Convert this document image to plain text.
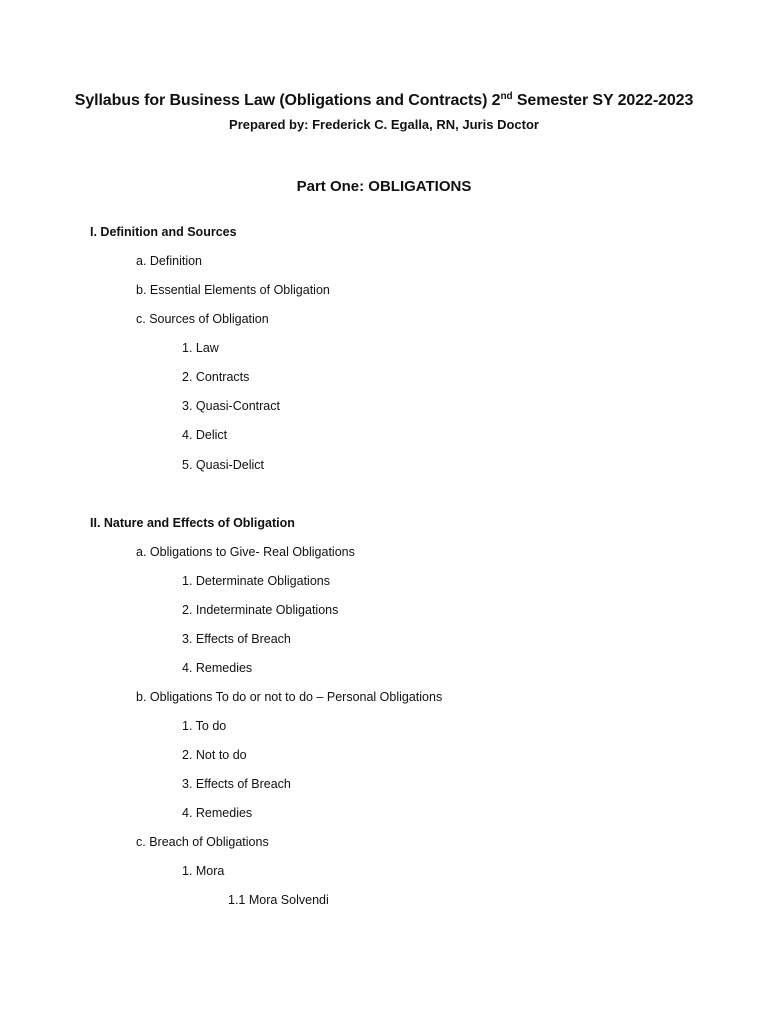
Syllabus for Business Law (Obligations and Contracts) 2nd Semester SY 2022-2023
Prepared by: Frederick C. Egalla, RN, Juris Doctor
Part One: OBLIGATIONS
I. Definition and Sources
a. Definition
b. Essential Elements of Obligation
c. Sources of Obligation
1. Law
2. Contracts
3. Quasi-Contract
4. Delict
5. Quasi-Delict
II. Nature and Effects of Obligation
a. Obligations to Give- Real Obligations
1. Determinate Obligations
2. Indeterminate Obligations
3. Effects of Breach
4. Remedies
b. Obligations To do or not to do – Personal Obligations
1. To do
2. Not to do
3. Effects of Breach
4. Remedies
c. Breach of Obligations
1. Mora
1.1 Mora Solvendi
